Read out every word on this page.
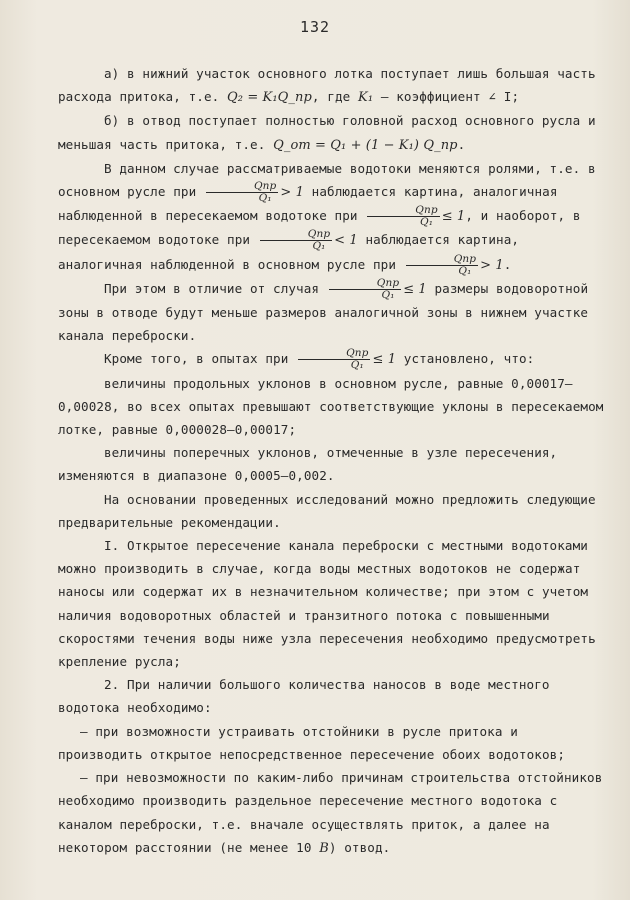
132

а) в нижний участок основного лотка поступает лишь большая часть расхода притока, т.е. Q₂ = K₁Q_пр, где K₁ – коэффициент ∠ I;

б) в отвод поступает полностью головной расход основного русла и меньшая часть притока, т.е. Q_от = Q₁ + (1 − K₁) Q_пр.

В данном случае рассматриваемые водотоки меняются ролями, т.е. в основном русле при $\frac{\text{Qпр}}{\text{Q₁}} > 1$ наблюдается картина, аналогичная наблюденной в пересекаемом водотоке при $\frac{\text{Qпр}}{\text{Q₁}} \le 1$, и наоборот, в пересекаемом водотоке при $\frac{\text{Qпр}}{\text{Q₁}} < 1$ наблюдается картина, аналогичная наблюденной в основном русле при $\frac{\text{Qпр}}{\text{Q₁}} > 1$.

При этом в отличие от случая $\frac{\text{Qпр}}{\text{Q₁}} \le 1$ размеры водоворотной зоны в отводе будут меньше размеров аналогичной зоны в нижнем участке канала переброски.

Кроме того, в опытах при $\frac{\text{Qпр}}{\text{Q₁}} \le 1$ установлено, что:

величины продольных уклонов в основном русле, равные 0,00017–0,00028, во всех опытах превышают соответствующие уклоны в пересекаемом лотке, равные 0,000028–0,00017;

величины поперечных уклонов, отмеченные в узле пересечения, изменяются в диапазоне 0,0005–0,002.

На основании проведенных исследований можно предложить следующие предварительные рекомендации.

I. Открытое пересечение канала переброски с местными водотоками можно производить в случае, когда воды местных водотоков не содержат наносы или содержат их в незначительном количестве; при этом с учетом наличия водоворотных областей и транзитного потока с повышенными скоростями течения воды ниже узла пересечения необходимо предусмотреть крепление русла;

2. При наличии большого количества наносов в воде местного водотока необходимо:

– при возможности устраивать отстойники в русле притока и производить открытое непосредственное пересечение обоих водотоков;

– при невозможности по каким-либо причинам строительства отстойников необходимо производить раздельное пересечение местного водотока с каналом переброски, т.е. вначале осуществлять приток, а далее на некотором расстоянии (не менее 10 B) отвод.
